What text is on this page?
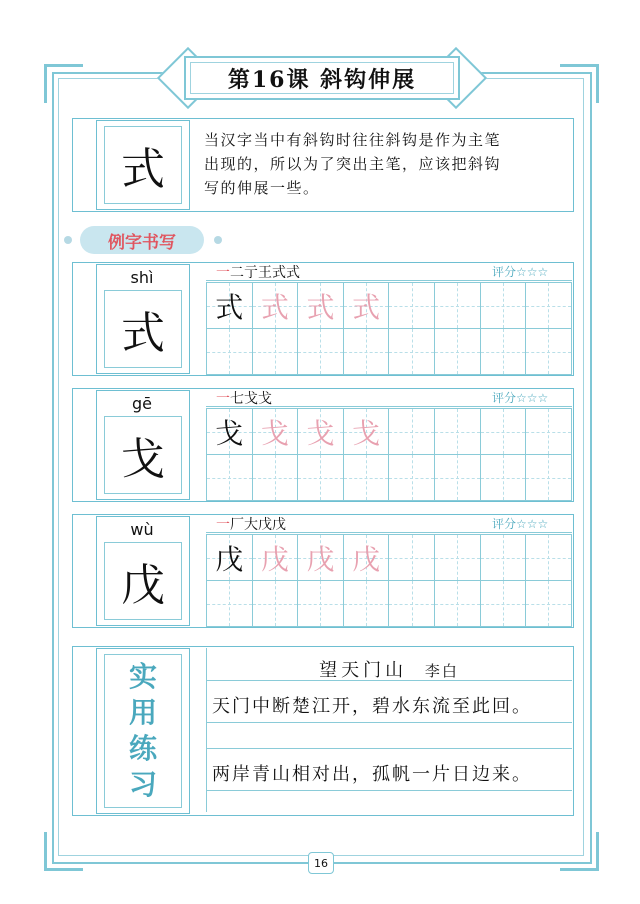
第16课 斜钩伸展
式
当汉字当中有斜钩时往往斜钩是作为主笔
出现的，所以为了突出主笔，应该把斜钩
写的伸展一些。
例字书写
shì
式
一二亍王式式	评分☆☆☆
式 式 式 式
gē
戈
一七戈戈	评分☆☆☆
戈 戈 戈 戈
wù
戊
一厂大戊戊	评分☆☆☆
戊 戊 戊 戊
实
用
练
习
望天门山 李白
天门中断楚江开，碧水东流至此回。
两岸青山相对出，孤帆一片日边来。
16
